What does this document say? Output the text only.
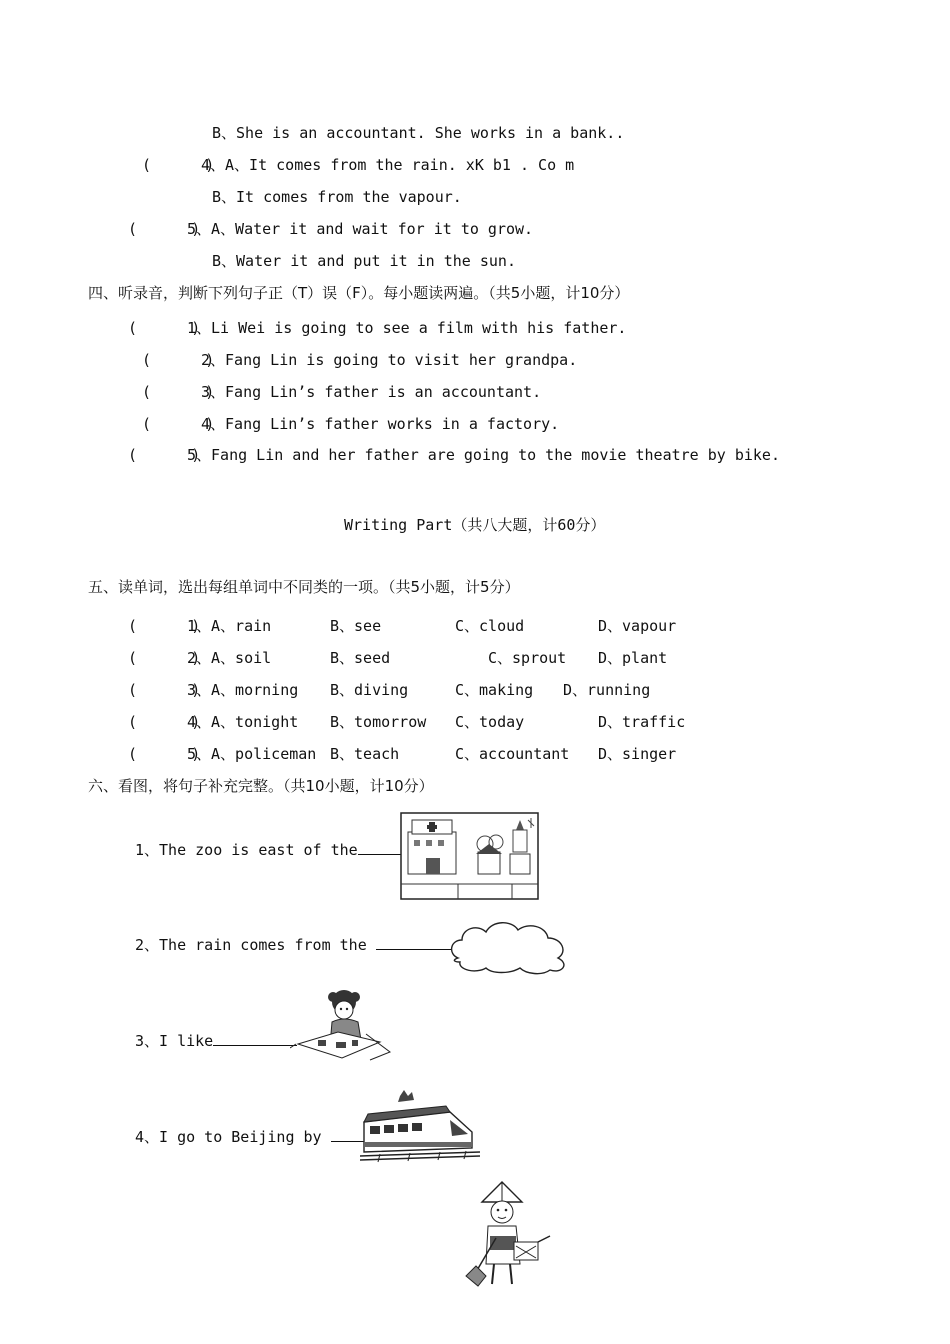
B、She is an accountant. She works in a bank..
(      )
4、A、It comes from the rain. xK b1 . Co m
B、It comes from the vapour.
(      )
5、A、Water it and wait for it to grow.
B、Water it and put it in the sun.
四、听录音，判断下列句子正（T）误（F）。每小题读两遍。（共5小题，计10分）
(      )
1、Li Wei is going to see a film with his father.
(      )
2、Fang Lin is going to visit her grandpa.
(      )
3、Fang Lin’s father is an accountant.
(      )
4、Fang Lin’s father works in a factory.
(      )
5、Fang Lin and her father are going to the movie theatre by bike.
Writing Part（共八大题，计60分）
五、读单词，选出每组单词中不同类的一项。（共5小题，计5分）
(      )
1、A、rain	B、see	C、cloud	D、vapour
(      )
2、A、soil	B、seed	C、sprout D、plant
(      )
3、A、morning B、diving	C、making D、running
(      )
4、A、tonight B、tomorrow C、today	D、traffic
(      )
5、A、policeman B、teach	C、accountant D、singer
六、看图，将句子补充完整。（共10小题，计10分）
1、The zoo is east of the
2、The rain comes from the
3、I like
4、I go to Beijing by
